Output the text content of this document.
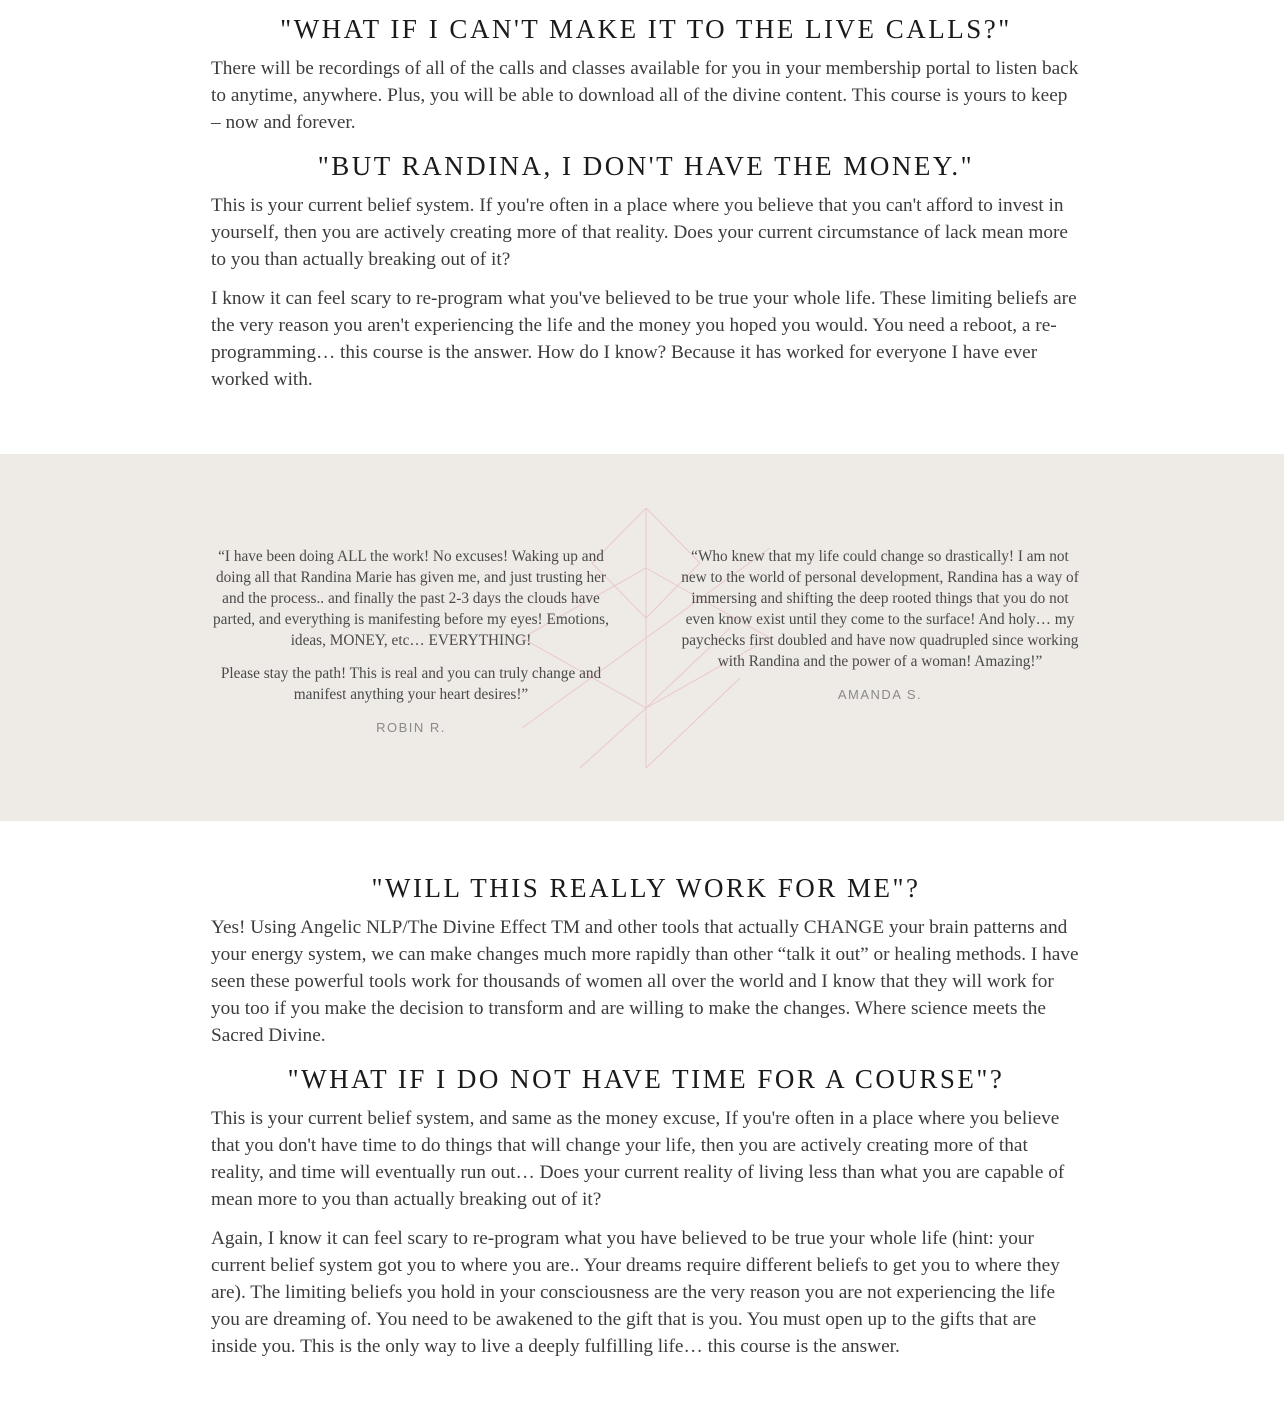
"WHAT IF I CAN'T MAKE IT TO THE LIVE CALLS?"

There will be recordings of all of the calls and classes available for you in your membership portal to listen back to anytime, anywhere. Plus, you will be able to download all of the divine content. This course is yours to keep – now and forever.

"BUT RANDINA, I DON'T HAVE THE MONEY."

This is your current belief system. If you're often in a place where you believe that you can't afford to invest in yourself, then you are actively creating more of that reality. Does your current circumstance of lack mean more to you than actually breaking out of it?

I know it can feel scary to re-program what you've believed to be true your whole life. These limiting beliefs are the very reason you aren't experiencing the life and the money you hoped you would. You need a reboot, a re-programming… this course is the answer. How do I know? Because it has worked for everyone I have ever worked with.

“I have been doing ALL the work! No excuses! Waking up and doing all that Randina Marie has given me, and just trusting her and the process.. and finally the past 2-3 days the clouds have parted, and everything is manifesting before my eyes! Emotions, ideas, MONEY, etc… EVERYTHING!

Please stay the path! This is real and you can truly change and manifest anything your heart desires!”

ROBIN R.

“Who knew that my life could change so drastically! I am not new to the world of personal development, Randina has a way of immersing and shifting the deep rooted things that you do not even know exist until they come to the surface! And holy… my paychecks first doubled and have now quadrupled since working with Randina and the power of a woman! Amazing!”

AMANDA S.
"WILL THIS REALLY WORK FOR ME"?

Yes! Using Angelic NLP/The Divine Effect TM and other tools that actually CHANGE your brain patterns and your energy system, we can make changes much more rapidly than other “talk it out” or healing methods. I have seen these powerful tools work for thousands of women all over the world and I know that they will work for you too if you make the decision to transform and are willing to make the changes. Where science meets the Sacred Divine.

"WHAT IF I DO NOT HAVE TIME FOR A COURSE"?

This is your current belief system, and same as the money excuse, If you're often in a place where you believe that you don't have time to do things that will change your life, then you are actively creating more of that reality, and time will eventually run out… Does your current reality of living less than what you are capable of mean more to you than actually breaking out of it?

Again, I know it can feel scary to re-program what you have believed to be true your whole life (hint: your current belief system got you to where you are.. Your dreams require different beliefs to get you to where they are). The limiting beliefs you hold in your consciousness are the very reason you are not experiencing the life you are dreaming of. You need to be awakened to the gift that is you. You must open up to the gifts that are inside you. This is the only way to live a deeply fulfilling life… this course is the answer.
